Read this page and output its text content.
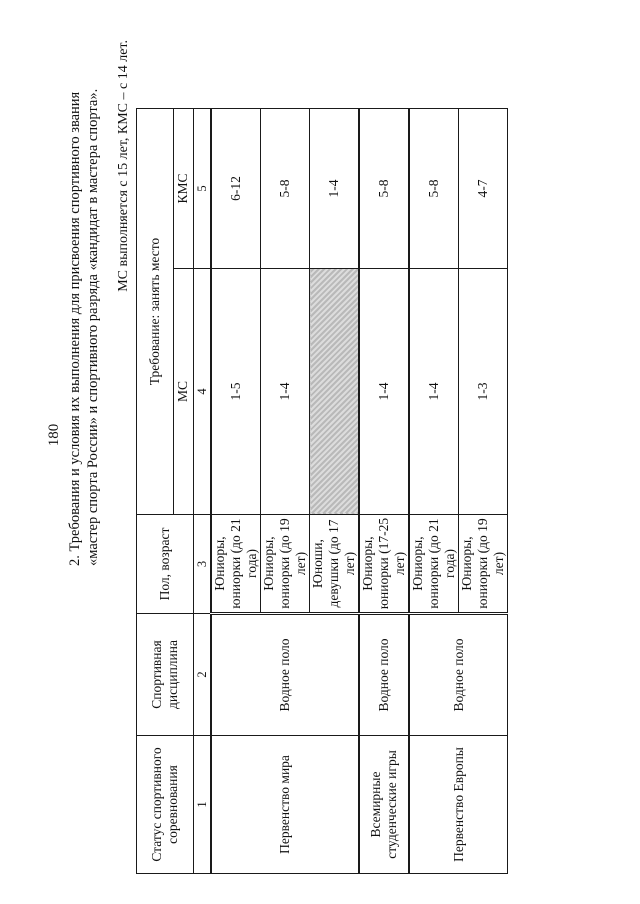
180 2. Требования и условия их выполнения для присвоения спортивного звания «мастер спорта России» и спортивного разряда «кандидат в мастера спорта». МС выполняется с 15 лет, КМС – с 14 лет.
Статус спортивного соревнования	Спортивная дисциплина	Пол, возраст	Требование: занять место	
			МС	КМС
1	2	3	4	5
Первенство мира	Водное поло	Юниоры, юниорки (до 21 года)	1-5	6-12
		Юниоры, юниорки (до 19 лет)	1-4	5-8
		Юноши, девушки (до 17 лет)		1-4
Всемирные студенческие игры	Водное поло	Юниоры, юниорки (17-25 лет)	1-4	5-8
Первенство Европы	Водное поло	Юниоры, юниорки (до 21 года)	1-4	5-8
		Юниоры, юниорки (до 19 лет)	1-3	4-7
